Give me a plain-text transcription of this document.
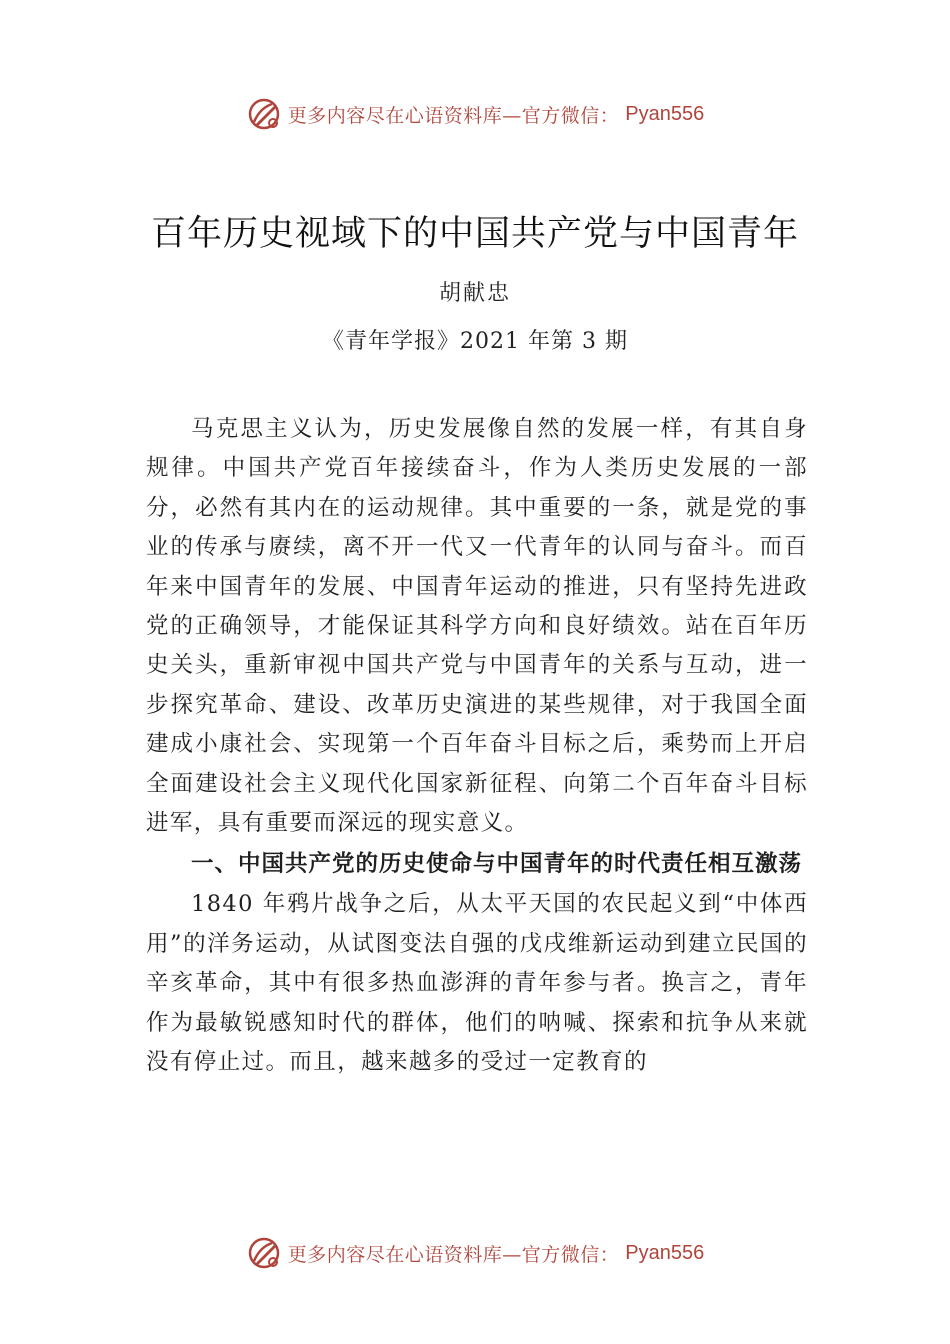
更多内容尽在心语资料库—官方微信： Pyan556
百年历史视域下的中国共产党与中国青年
胡献忠
《青年学报》2021 年第 3 期

马克思主义认为，历史发展像自然的发展一样，有其自身规律。中国共产党百年接续奋斗，作为人类历史发展的一部分，必然有其内在的运动规律。其中重要的一条，就是党的事业的传承与赓续，离不开一代又一代青年的认同与奋斗。而百年来中国青年的发展、中国青年运动的推进，只有坚持先进政党的正确领导，才能保证其科学方向和良好绩效。站在百年历史关头，重新审视中国共产党与中国青年的关系与互动，进一步探究革命、建设、改革历史演进的某些规律，对于我国全面建成小康社会、实现第一个百年奋斗目标之后，乘势而上开启全面建设社会主义现代化国家新征程、向第二个百年奋斗目标进军，具有重要而深远的现实意义。

一、中国共产党的历史使命与中国青年的时代责任相互激荡

1840 年鸦片战争之后，从太平天国的农民起义到“中体西用”的洋务运动，从试图变法自强的戊戌维新运动到建立民国的辛亥革命，其中有很多热血澎湃的青年参与者。换言之，青年作为最敏锐感知时代的群体，他们的呐喊、探索和抗争从来就没有停止过。而且，越来越多的受过一定教育的

更多内容尽在心语资料库—官方微信： Pyan556
